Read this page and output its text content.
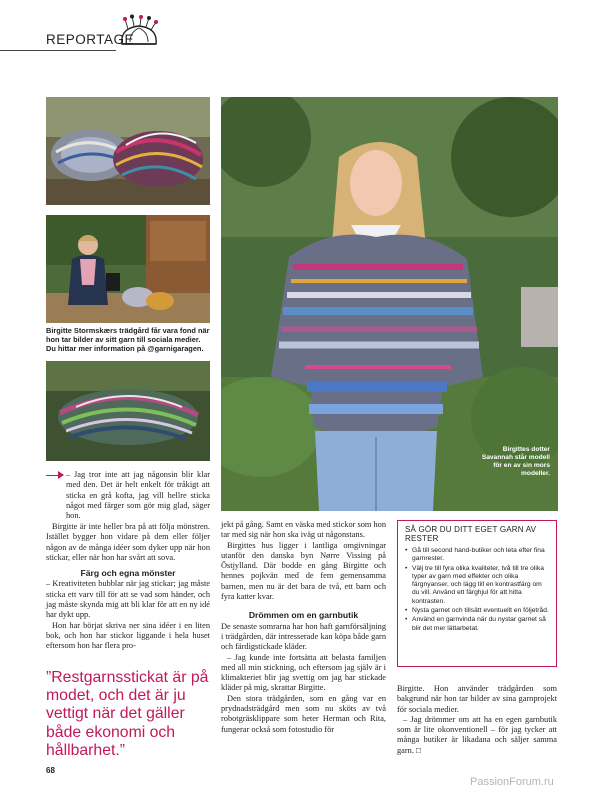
REPORTAGE
Birgitte Stormskærs trädgård får vara fond när hon tar bilder av sitt garn till sociala medier. Du hittar mer information på @garnigaragen.
Birgittes dotter Savannah står modell för en av sin mors modeller.

– Jag tror inte att jag någonsin blir klar med den. Det är helt enkelt för tråkigt att sticka en grå kofta, jag vill hellre sticka något med färger som gör mig glad, säger hon.

Birgitte är inte heller bra på att följa mönstren. Istället bygger hon vidare på dem eller följer någon av de många idéer som dyker upp när hon stickar, eller när hon har svårt att sova.

Färg och egna mönster

– Kreativiteten bubblar när jag stickar; jag måste sticka ett varv till för att se vad som händer, och jag måste skynda mig att bli klar för att en ny idé har dykt upp.

Hon har börjat skriva ner sina idéer i en liten bok, och hon har stickor liggande i hela huset eftersom hon har flera pro-

”Restgarnsstickat är på modet, och det är ju vettigt när det gäller både ekonomi och hållbarhet.”

jekt på gång. Samt en väska med stickor som hon tar med sig när hon ska iväg ut någonstans.

Birgittes hus ligger i lantliga omgivningar utanför den danska byn Nørre Vissing på Östjylland. Där bodde en gång Birgitte och hennes pojkvän med de fem gemensamma barnen, men nu är det bara de två, ett barn och fyra katter kvar.

Drömmen om en garnbutik

De senaste somrarna har hon haft garnförsäljning i trädgården, där intresserade kan köpa både garn och färdigstickade kläder.

– Jag kunde inte fortsätta att belasta familjen med all min stickning, och eftersom jag själv är i klimakteriet blir jag svettig om jag har stickade kläder på mig, skrattar Birgitte.

Den stora trädgården, som en gång var en prydnadsträdgård men som nu sköts av två robotgräsklippare som heter Herman och Rita, fungerar också som fotostudio för

SÅ GÖR DU DITT EGET GARN AV RESTER
• Gå till second hand-butiker och leta efter fina garnrester.
• Välj tre till fyra olika kvaliteter, två till tre olika typer av garn med effekter och olika färgnyanser, och lägg till en kontrastfärg om du vill. Använd ett färghjul för att hitta kontrasten.
• Nysta garnet och tillsätt eventuellt en följetråd.
• Använd en garnvinda när du nystar garnet så blir det mer lättarbetat.

Birgitte. Hon använder trädgården som bakgrund när hon tar bilder av sina garnprojekt för sociala medier.

– Jag drömmer om att ha en egen garnbutik som är lite okonventionell – för jag tycker att många butiker är likadana och säljer samma garn. □

68
PassionForum.ru
